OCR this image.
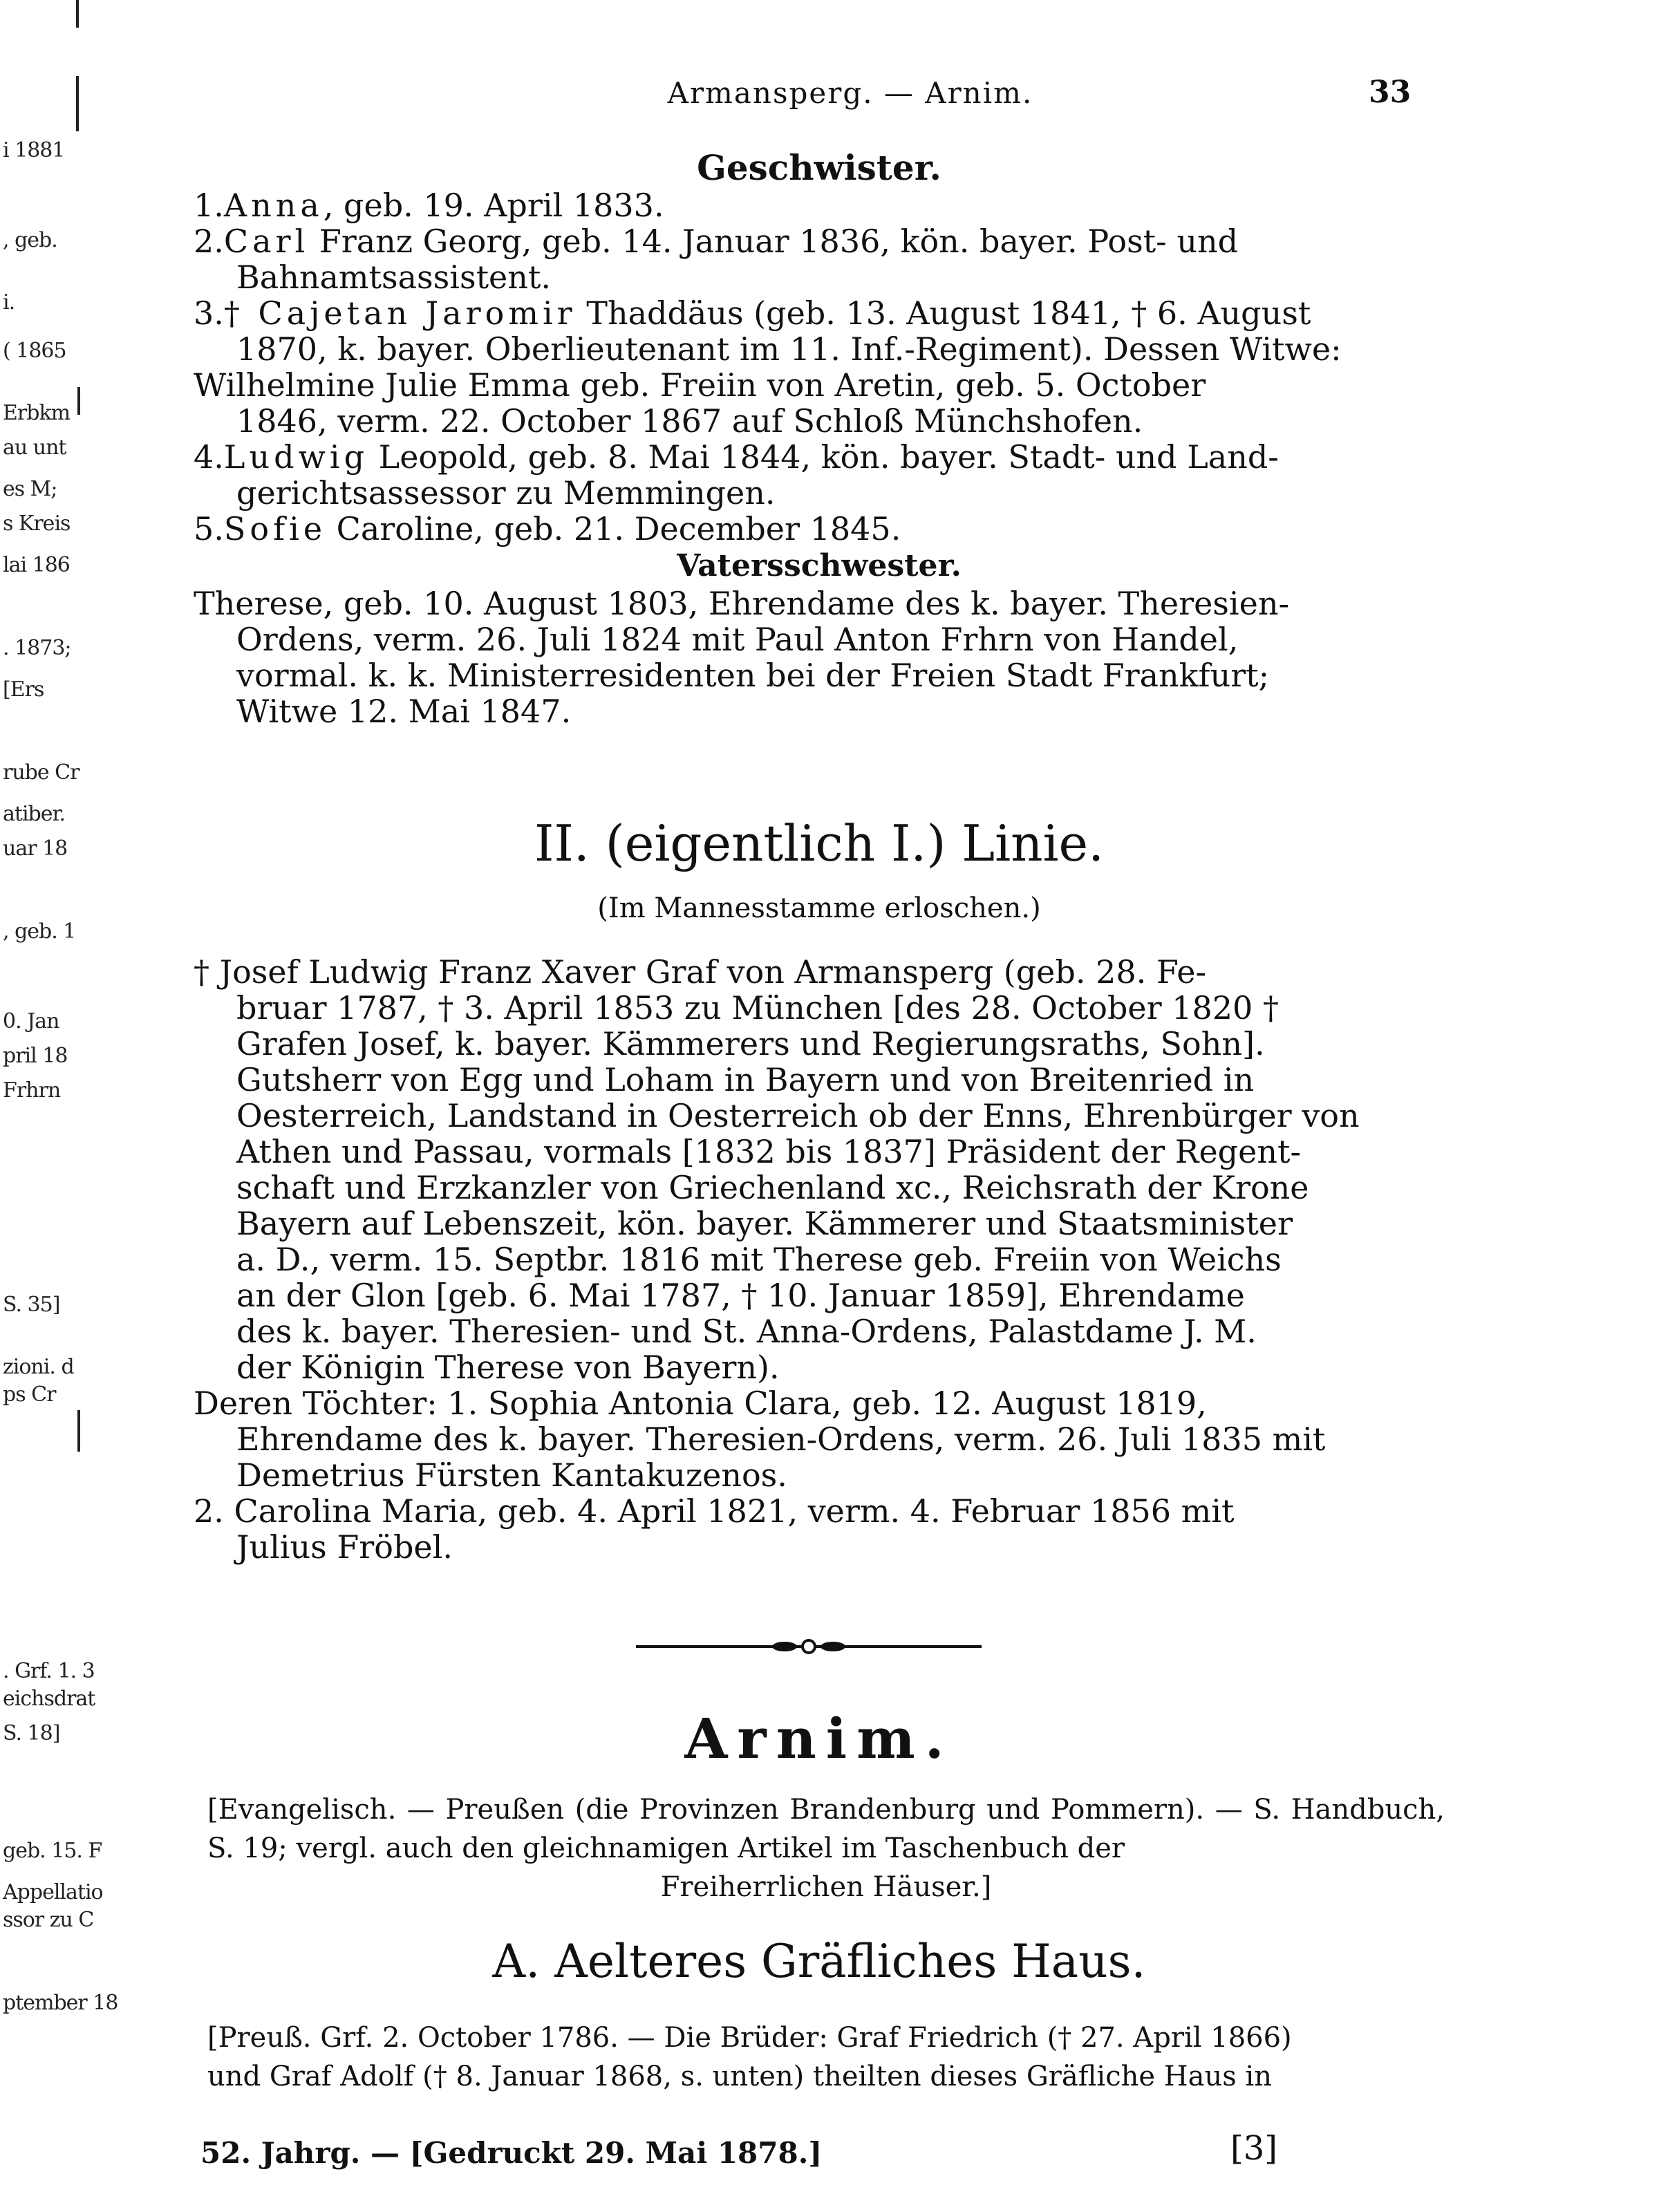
i 1881
, geb.
i.
( 1865
Erbkm
au unt
es M;
s Kreis
lai 186
. 1873;
[Ers
rube Cr
atiber.
uar 18
, geb. 1
0. Jan
pril 18
Frhrn
S. 35]
zioni. d
ps Cr
. Grf. 1. 3
eichsdrat
S. 18]
geb. 15. F
Appellatio
ssor zu C
ptember 18
Armansperg. — Arnim.	33

Geschwister.

1.Anna, geb. 19. April 1833.

2.Carl Franz Georg, geb. 14. Januar 1836, kön. bayer. Post- und

Bahnamtsassistent.

3.† Cajetan Jaromir Thaddäus (geb. 13. August 1841, † 6. August

1870, k. bayer. Oberlieutenant im 11. Inf.-Regiment). Dessen Witwe:

Wilhelmine Julie Emma geb. Freiin von Aretin, geb. 5. October

1846, verm. 22. October 1867 auf Schloß Münchshofen.

4.Ludwig Leopold, geb. 8. Mai 1844, kön. bayer. Stadt- und Land-

gerichtsassessor zu Memmingen.

5.Sofie Caroline, geb. 21. December 1845.

Vatersschwester.

Therese, geb. 10. August 1803, Ehrendame des k. bayer. Theresien-

Ordens, verm. 26. Juli 1824 mit Paul Anton Frhrn von Handel,

vormal. k. k. Ministerresidenten bei der Freien Stadt Frankfurt;

Witwe 12. Mai 1847.

II. (eigentlich I.) Linie.
(Im Mannesstamme erloschen.)

† Josef Ludwig Franz Xaver Graf von Armansperg (geb. 28. Fe-

bruar 1787, † 3. April 1853 zu München [des 28. October 1820 †

Grafen Josef, k. bayer. Kämmerers und Regierungsraths, Sohn].

Gutsherr von Egg und Loham in Bayern und von Breitenried in

Oesterreich, Landstand in Oesterreich ob der Enns, Ehrenbürger von

Athen und Passau, vormals [1832 bis 1837] Präsident der Regent-

schaft und Erzkanzler von Griechenland xc., Reichsrath der Krone

Bayern auf Lebenszeit, kön. bayer. Kämmerer und Staatsminister

a. D., verm. 15. Septbr. 1816 mit Therese geb. Freiin von Weichs

an der Glon [geb. 6. Mai 1787, † 10. Januar 1859], Ehrendame

des k. bayer. Theresien- und St. Anna-Ordens, Palastdame J. M.

der Königin Therese von Bayern).

Deren Töchter: 1. Sophia Antonia Clara, geb. 12. August 1819,

Ehrendame des k. bayer. Theresien-Ordens, verm. 26. Juli 1835 mit

Demetrius Fürsten Kantakuzenos.

2. Carolina Maria, geb. 4. April 1821, verm. 4. Februar 1856 mit

Julius Fröbel.

Arnim.
[Evangelisch. — Preußen (die Provinzen Brandenburg und Pommern). — S. Handbuch, S. 19; vergl. auch den gleichnamigen Artikel im Taschenbuch der
Freiherrlichen Häuser.]
A. Aelteres Gräfliches Haus.
[Preuß. Grf. 2. October 1786. — Die Brüder: Graf Friedrich († 27. April 1866)
und Graf Adolf († 8. Januar 1868, s. unten) theilten dieses Gräfliche Haus in
52. Jahrg. — [Gedruckt 29. Mai 1878.]	[3]
